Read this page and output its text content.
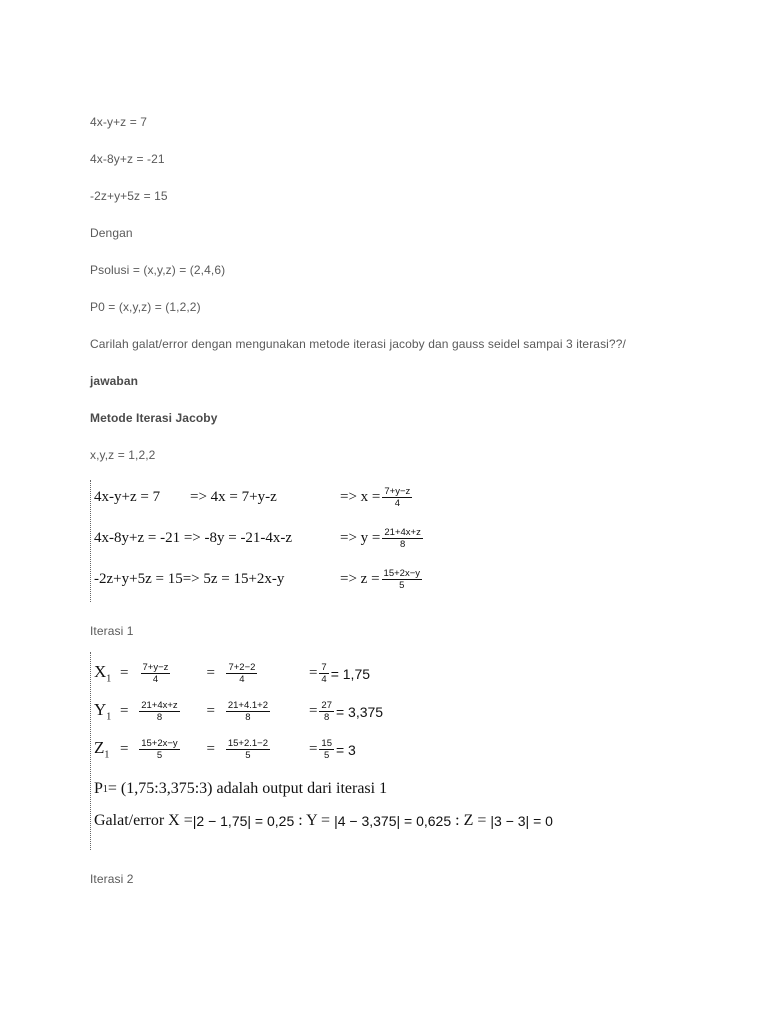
4x-y+z = 7
4x-8y+z = -21
-2z+y+5z = 15
Dengan
Psolusi = (x,y,z) = (2,4,6)
P0 = (x,y,z) = (1,2,2)
Carilah galat/error dengan mengunakan metode iterasi jacoby dan gauss seidel sampai 3 iterasi??/
jawaban
Metode Iterasi Jacoby
x,y,z = 1,2,2
4x-y+z = 7	=> 4x = 7+y-z	=> $x = \frac{7+y-z}{4}$
4x-8y+z = -21 => -8y = -21-4x-z	=> $y = \frac{21+4x+z}{8}$
-2z+y+5z = 15=> 5z = 15+2x-y	=> $z = \frac{15+2x-y}{5}$
Iterasi 1
$X_1 = \frac{7+y-z}{4} = \frac{7+2-2}{4}$	= $\frac{7}{4} = 1,75$
$Y_1 = \frac{21+4x+z}{8} = \frac{21+4.1+2}{8} = \frac{27}{8} = 3,375$
$Z_1 = \frac{15+2x-y}{5} = \frac{15+2.1-2}{5} = \frac{15}{5} = 3$
P 1 = (1,75:3,375:3) adalah output dari iterasi 1
Galat/error X = |2 − 1,75| = 0,25 : Y = |4 − 3,375| = 0,625 : Z = |3 − 3| = 0
Iterasi 2
